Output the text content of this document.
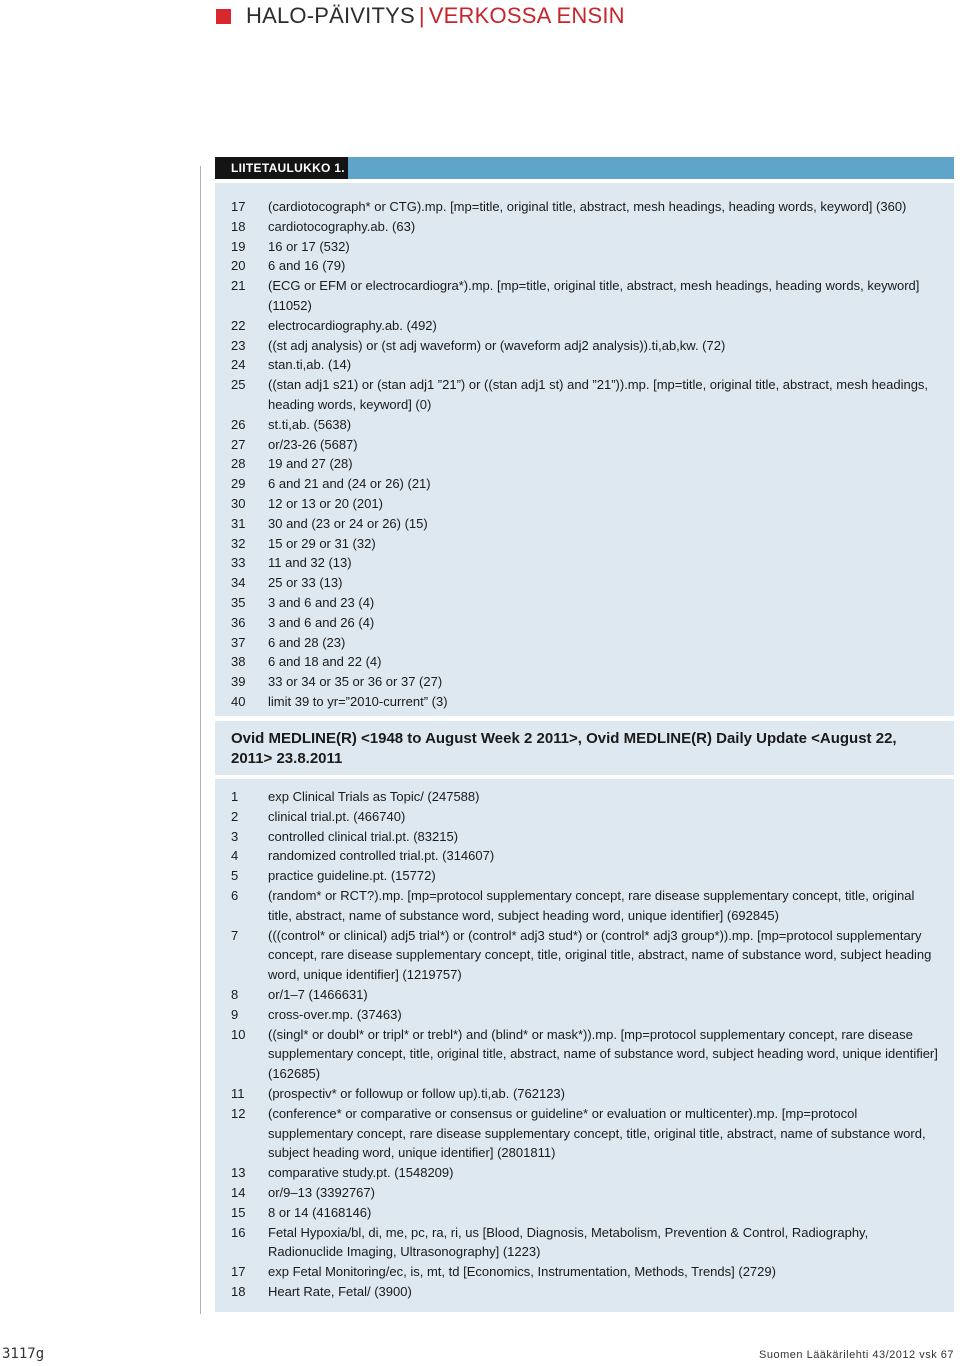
HALO-PÄIVITYS | VERKOSSA ENSIN
LIITETAULUKKO 1.
17	(cardiotocograph* or CTG).mp. [mp=title, original title, abstract, mesh headings, heading words, keyword] (360)
18	cardiotocography.ab. (63)
19	16 or 17 (532)
20	6 and 16 (79)
21	(ECG or EFM or electrocardiogra*).mp. [mp=title, original title, abstract, mesh headings, heading words, keyword] (11052)
22	electrocardiography.ab. (492)
23	((st adj analysis) or (st adj waveform) or (waveform adj2 analysis)).ti,ab,kw. (72)
24	stan.ti,ab. (14)
25	((stan adj1 s21) or (stan adj1 ”21”) or ((stan adj1 st) and ”21”)).mp. [mp=title, original title, abstract, mesh headings, heading words, keyword] (0)
26	st.ti,ab. (5638)
27	or/23-26 (5687)
28	19 and 27 (28)
29	6 and 21 and (24 or 26) (21)
30	12 or 13 or 20 (201)
31	30 and (23 or 24 or 26) (15)
32	15 or 29 or 31 (32)
33	11 and 32 (13)
34	25 or 33 (13)
35	3 and 6 and 23 (4)
36	3 and 6 and 26 (4)
37	6 and 28 (23)
38	6 and 18 and 22 (4)
39	33 or 34 or 35 or 36 or 37 (27)
40	limit 39 to yr=”2010-current” (3)
Ovid MEDLINE(R) <1948 to August Week 2 2011>, Ovid MEDLINE(R) Daily Update <August 22, 2011> 23.8.2011
1	exp Clinical Trials as Topic/ (247588)
2	clinical trial.pt. (466740)
3	controlled clinical trial.pt. (83215)
4	randomized controlled trial.pt. (314607)
5	practice guideline.pt. (15772)
6	(random* or RCT?).mp. [mp=protocol supplementary concept, rare disease supplementary concept, title, original title, abstract, name of substance word, subject heading word, unique identifier] (692845)
7	(((control* or clinical) adj5 trial*) or (control* adj3 stud*) or (control* adj3 group*)).mp. [mp=protocol supplementary concept, rare disease supplementary concept, title, original title, abstract, name of substance word, subject heading word, unique identifier] (1219757)
8	or/1–7 (1466631)
9	cross-over.mp. (37463)
10	((singl* or doubl* or tripl* or trebl*) and (blind* or mask*)).mp. [mp=protocol supplementary concept, rare disease supplementary concept, title, original title, abstract, name of substance word, subject heading word, unique identifier] (162685)
11	(prospectiv* or followup or follow up).ti,ab. (762123)
12	(conference* or comparative or consensus or guideline* or evaluation or multicenter).mp. [mp=protocol supplementary concept, rare disease supplementary concept, title, original title, abstract, name of substance word, subject heading word, unique identifier] (2801811)
13	comparative study.pt. (1548209)
14	or/9–13 (3392767)
15	8 or 14 (4168146)
16	Fetal Hypoxia/bl, di, me, pc, ra, ri, us [Blood, Diagnosis, Metabolism, Prevention & Control, Radiography, Radionuclide Imaging, Ultrasonography] (1223)
17	exp Fetal Monitoring/ec, is, mt, td [Economics, Instrumentation, Methods, Trends] (2729)
18	Heart Rate, Fetal/ (3900)
3117g	Suomen Lääkärilehti 43/2012 vsk 67
